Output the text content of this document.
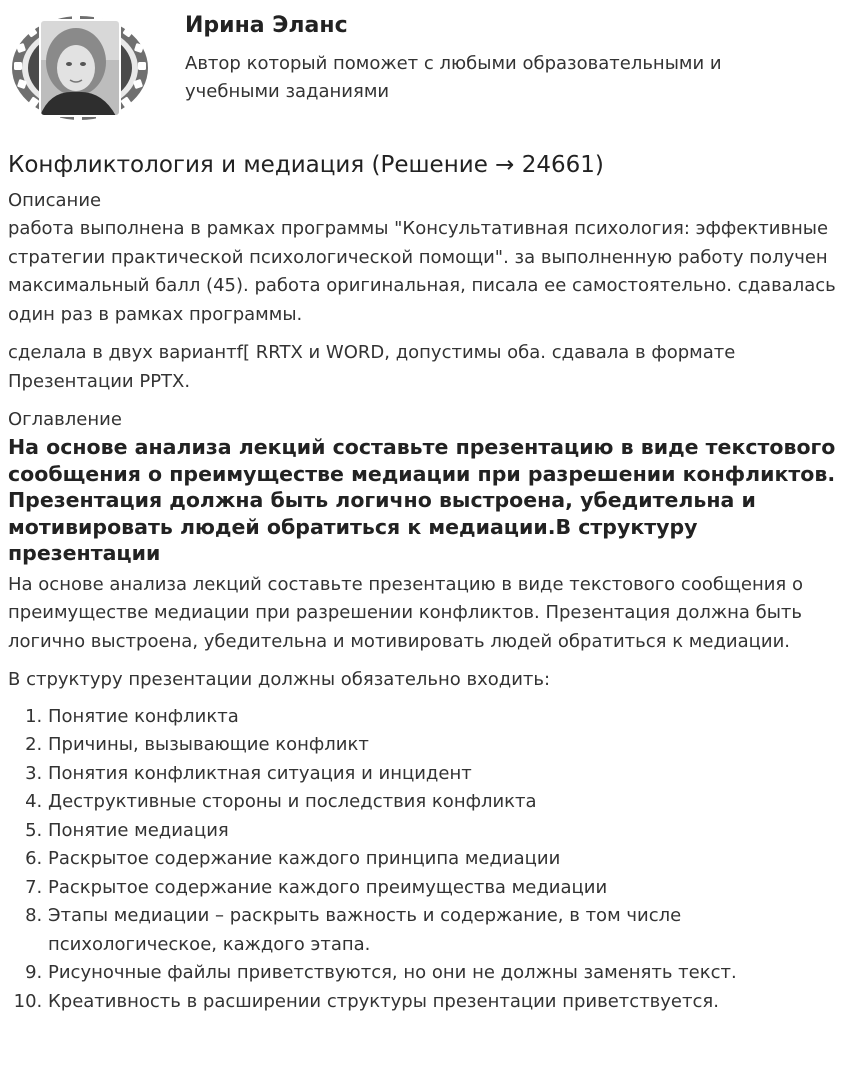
Ирина Эланс
Автор который поможет с любыми образовательными и учебными заданиями
Конфликтология и медиация (Решение → 24661)
Описание

работа выполнена в рамках программы "Консультативная психология: эффективные стратегии практической психологической помощи". за выполненную работу получен максимальный балл (45). работа оригинальная, писала ее самостоятельно. сдавалась один раз в рамках программы.

сделала в двух вариантf[ RRTX и WORD, допустимы оба. сдавала в формате Презентации PPTX.

Оглавление
На основе анализа лекций составьте презентацию в виде текстового сообщения о преимуществе медиации при разрешении конфликтов. Презентация должна быть логично выстроена, убедительна и мотивировать людей обратиться к медиации.В структуру презентации

На основе анализа лекций составьте презентацию в виде текстового сообщения о преимуществе медиации при разрешении конфликтов. Презентация должна быть логично выстроена, убедительна и мотивировать людей обратиться к медиации.

В структуру презентации должны обязательно входить:

1. Понятие конфликта
2. Причины, вызывающие конфликт
3. Понятия конфликтная ситуация и инцидент
4. Деструктивные стороны и последствия конфликта
5. Понятие медиация
6. Раскрытое содержание каждого принципа медиации
7. Раскрытое содержание каждого преимущества медиации
8. Этапы медиации – раскрыть важность и содержание, в том числе психологическое, каждого этапа.
9. Рисуночные файлы приветствуются, но они не должны заменять текст.
10. Креативность в расширении структуры презентации приветствуется.
